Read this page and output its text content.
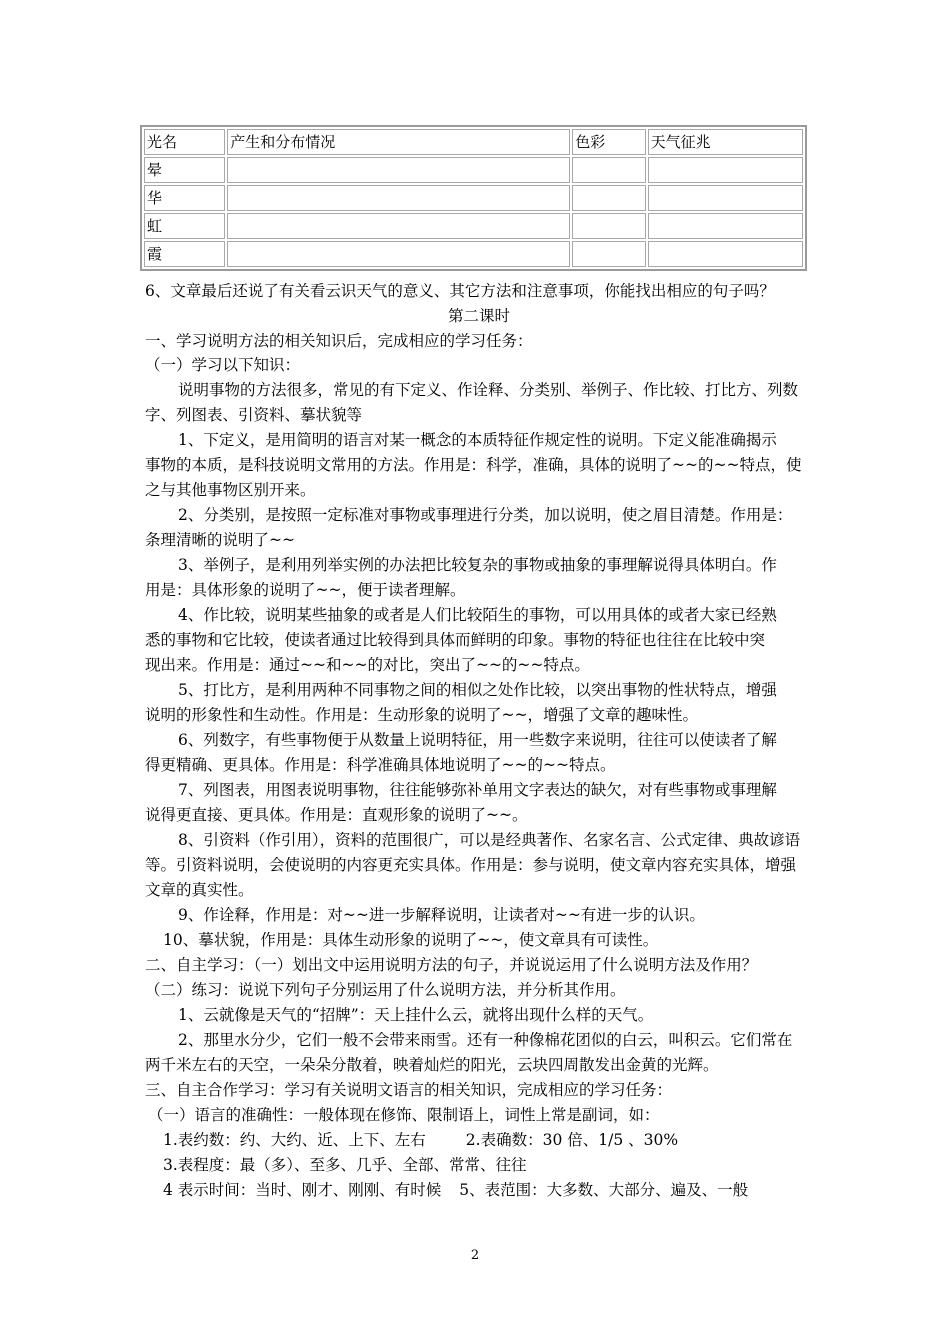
光名	产生和分布情况	色彩	天气征兆
晕			
华			
虹			
霞			
6、文章最后还说了有关看云识天气的意义、其它方法和注意事项，你能找出相应的句子吗？
第二课时
一、学习说明方法的相关知识后，完成相应的学习任务：
（一）学习以下知识：
说明事物的方法很多，常见的有下定义、作诠释、分类别、举例子、作比较、打比方、列数
字、列图表、引资料、摹状貌等
1、下定义，是用简明的语言对某一概念的本质特征作规定性的说明。下定义能准确揭示
事物的本质，是科技说明文常用的方法。作用是：科学，准确，具体的说明了~~的~~特点，使
之与其他事物区别开来。
2、分类别，是按照一定标准对事物或事理进行分类，加以说明，使之眉目清楚。作用是：
条理清晰的说明了~~
3、举例子，是利用列举实例的办法把比较复杂的事物或抽象的事理解说得具体明白。作
用是：具体形象的说明了~~，便于读者理解。
4、作比较，说明某些抽象的或者是人们比较陌生的事物，可以用具体的或者大家已经熟
悉的事物和它比较，使读者通过比较得到具体而鲜明的印象。事物的特征也往往在比较中突
现出来。作用是：通过~~和~~的对比，突出了~~的~~特点。
5、打比方，是利用两种不同事物之间的相似之处作比较，以突出事物的性状特点，增强
说明的形象性和生动性。作用是：生动形象的说明了~~，增强了文章的趣味性。
6、列数字，有些事物便于从数量上说明特征，用一些数字来说明，往往可以使读者了解
得更精确、更具体。作用是：科学准确具体地说明了~~的~~特点。
7、列图表，用图表说明事物，往往能够弥补单用文字表达的缺欠，对有些事物或事理解
说得更直接、更具体。作用是：直观形象的说明了~~。
8、引资料（作引用），资料的范围很广，可以是经典著作、名家名言、公式定律、典故谚语
等。引资料说明，会使说明的内容更充实具体。作用是：参与说明，使文章内容充实具体，增强
文章的真实性。
9、作诠释，作用是：对~~进一步解释说明，让读者对~~有进一步的认识。
10、摹状貌，作用是：具体生动形象的说明了~~，使文章具有可读性。
二、自主学习：（一）划出文中运用说明方法的句子，并说说运用了什么说明方法及作用？
（二）练习：说说下列句子分别运用了什么说明方法，并分析其作用。
1、云就像是天气的“招牌”：天上挂什么云，就将出现什么样的天气。
2、那里水分少，它们一般不会带来雨雪。还有一种像棉花团似的白云，叫积云。它们常在
两千米左右的天空，一朵朵分散着，映着灿烂的阳光，云块四周散发出金黄的光辉。
三、自主合作学习：学习有关说明文语言的相关知识，完成相应的学习任务：
（一）语言的准确性：一般体现在修饰、限制语上，词性上常是副词，如：
1.表约数：约、大约、近、上下、左右	2.表确数：30 倍、1/5 、30%
3.表程度：最（多）、至多、几乎、全部、常常、往往
4 表示时间：当时、刚才、刚刚、有时候 5、表范围：大多数、大部分、遍及、一般
2
